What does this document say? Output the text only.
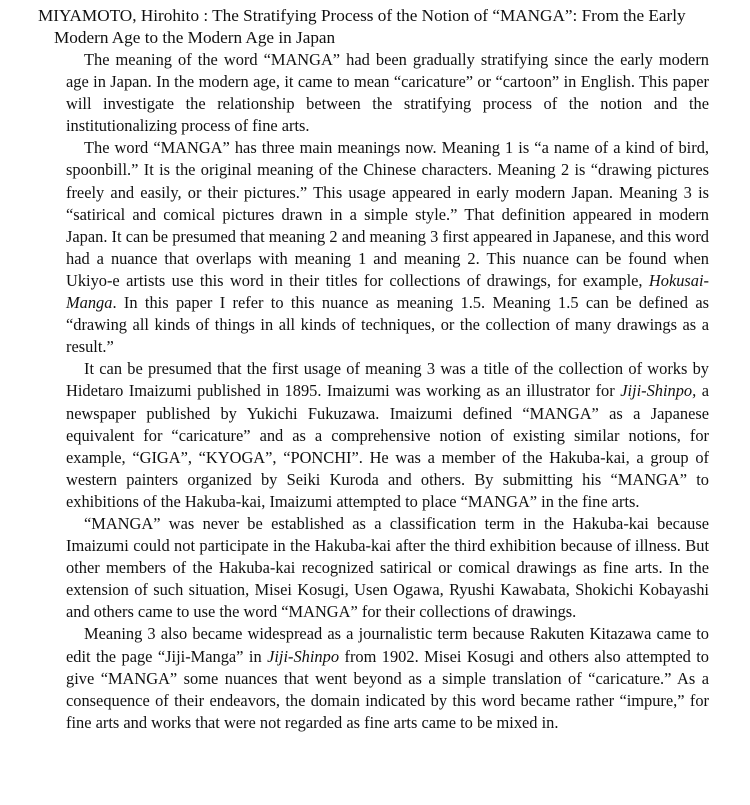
MIYAMOTO, Hirohito : The Stratifying Process of the Notion of “MANGA”: From the Early Modern Age to the Modern Age in Japan

The meaning of the word “MANGA” had been gradually stratifying since the early modern age in Japan. In the modern age, it came to mean “caricature” or “cartoon” in English. This paper will investigate the relationship between the stratifying process of the notion and the institutionalizing process of fine arts.

The word “MANGA” has three main meanings now. Meaning 1 is “a name of a kind of bird, spoonbill.” It is the original meaning of the Chinese characters. Meaning 2 is “drawing pictures freely and easily, or their pictures.” This usage appeared in early modern Japan. Meaning 3 is “satirical and comical pictures drawn in a simple style.” That definition appeared in modern Japan. It can be presumed that meaning 2 and meaning 3 first appeared in Japanese, and this word had a nuance that overlaps with meaning 1 and meaning 2. This nuance can be found when Ukiyo-e artists use this word in their titles for collections of drawings, for example, Hokusai-Manga. In this paper I refer to this nuance as meaning 1.5. Meaning 1.5 can be defined as “drawing all kinds of things in all kinds of techniques, or the collection of many drawings as a result.”

It can be presumed that the first usage of meaning 3 was a title of the collection of works by Hidetaro Imaizumi published in 1895. Imaizumi was working as an illustrator for Jiji-Shinpo, a newspaper published by Yukichi Fukuzawa. Imaizumi defined “MANGA” as a Japanese equivalent for “caricature” and as a comprehensive notion of existing similar notions, for example, “GIGA”, “KYOGA”, “PONCHI”. He was a member of the Hakuba-kai, a group of western painters organized by Seiki Kuroda and others. By submitting his “MANGA” to exhibitions of the Hakuba-kai, Imaizumi attempted to place “MANGA” in the fine arts.

“MANGA” was never be established as a classification term in the Hakuba-kai because Imaizumi could not participate in the Hakuba-kai after the third exhibition because of illness. But other members of the Hakuba-kai recognized satirical or comical drawings as fine arts. In the extension of such situation, Misei Kosugi, Usen Ogawa, Ryushi Kawabata, Shokichi Kobayashi and others came to use the word “MANGA” for their collections of drawings.

Meaning 3 also became widespread as a journalistic term because Rakuten Kitazawa came to edit the page “Jiji-Manga” in Jiji-Shinpo from 1902. Misei Kosugi and others also attempted to give “MANGA” some nuances that went beyond as a simple translation of “caricature.” As a consequence of their endeavors, the domain indicated by this word became rather “impure,” for fine arts and works that were not regarded as fine arts came to be mixed in.
